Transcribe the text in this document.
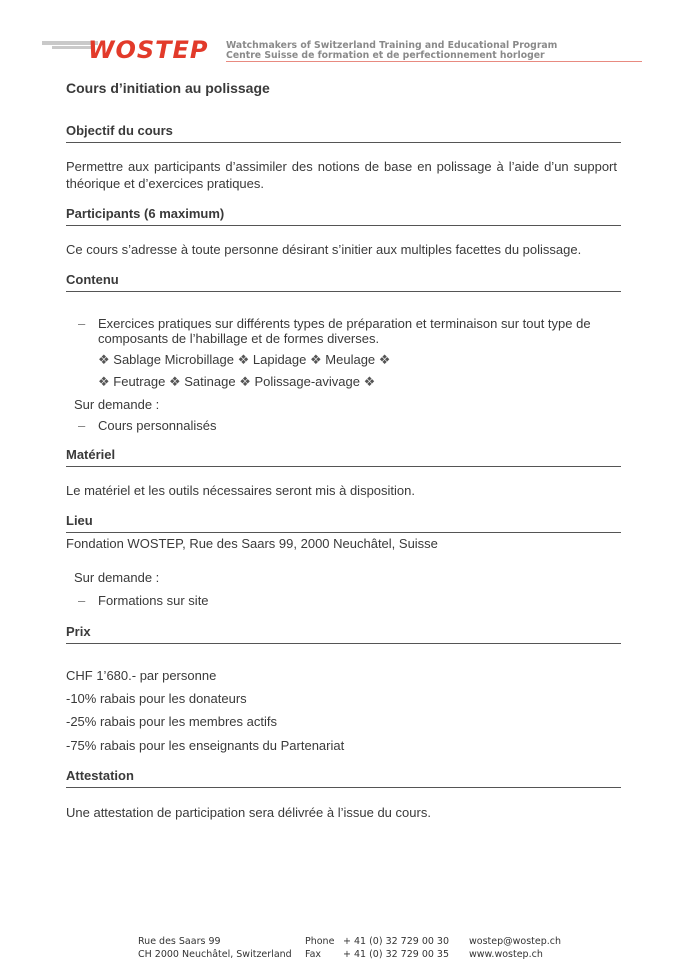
WOSTEP Watchmakers of Switzerland Training and Educational Program
Centre Suisse de formation et de perfectionnement horloger
Cours d’initiation au polissage
Objectif du cours
Permettre aux participants d’assimiler des notions de base en polissage à l’aide d’un support théorique et d’exercices pratiques.
Participants (6 maximum)
Ce cours s’adresse à toute personne désirant s’initier aux multiples facettes du polissage.
Contenu
– Exercices pratiques sur différents types de préparation et terminaison sur tout type de
composants de l’habillage et de formes diverses.
❖ Sablage Microbillage ❖ Lapidage ❖ Meulage ❖
❖ Feutrage ❖ Satinage ❖ Polissage-avivage ❖
Sur demande :
– Cours personnalisés
Matériel
Le matériel et les outils nécessaires seront mis à disposition.
Lieu
Fondation WOSTEP, Rue des Saars 99, 2000 Neuchâtel, Suisse
Sur demande :
– Formations sur site
Prix
CHF 1’680.- par personne
-10% rabais pour les donateurs
-25% rabais pour les membres actifs
-75% rabais pour les enseignants du Partenariat
Attestation
Une attestation de participation sera délivrée à l’issue du cours.
Rue des Saars 99
CH 2000 Neuchâtel, Switzerland
Phone
Fax
+ 41 (0) 32 729 00 30
+ 41 (0) 32 729 00 35
wostep@wostep.ch
www.wostep.ch
